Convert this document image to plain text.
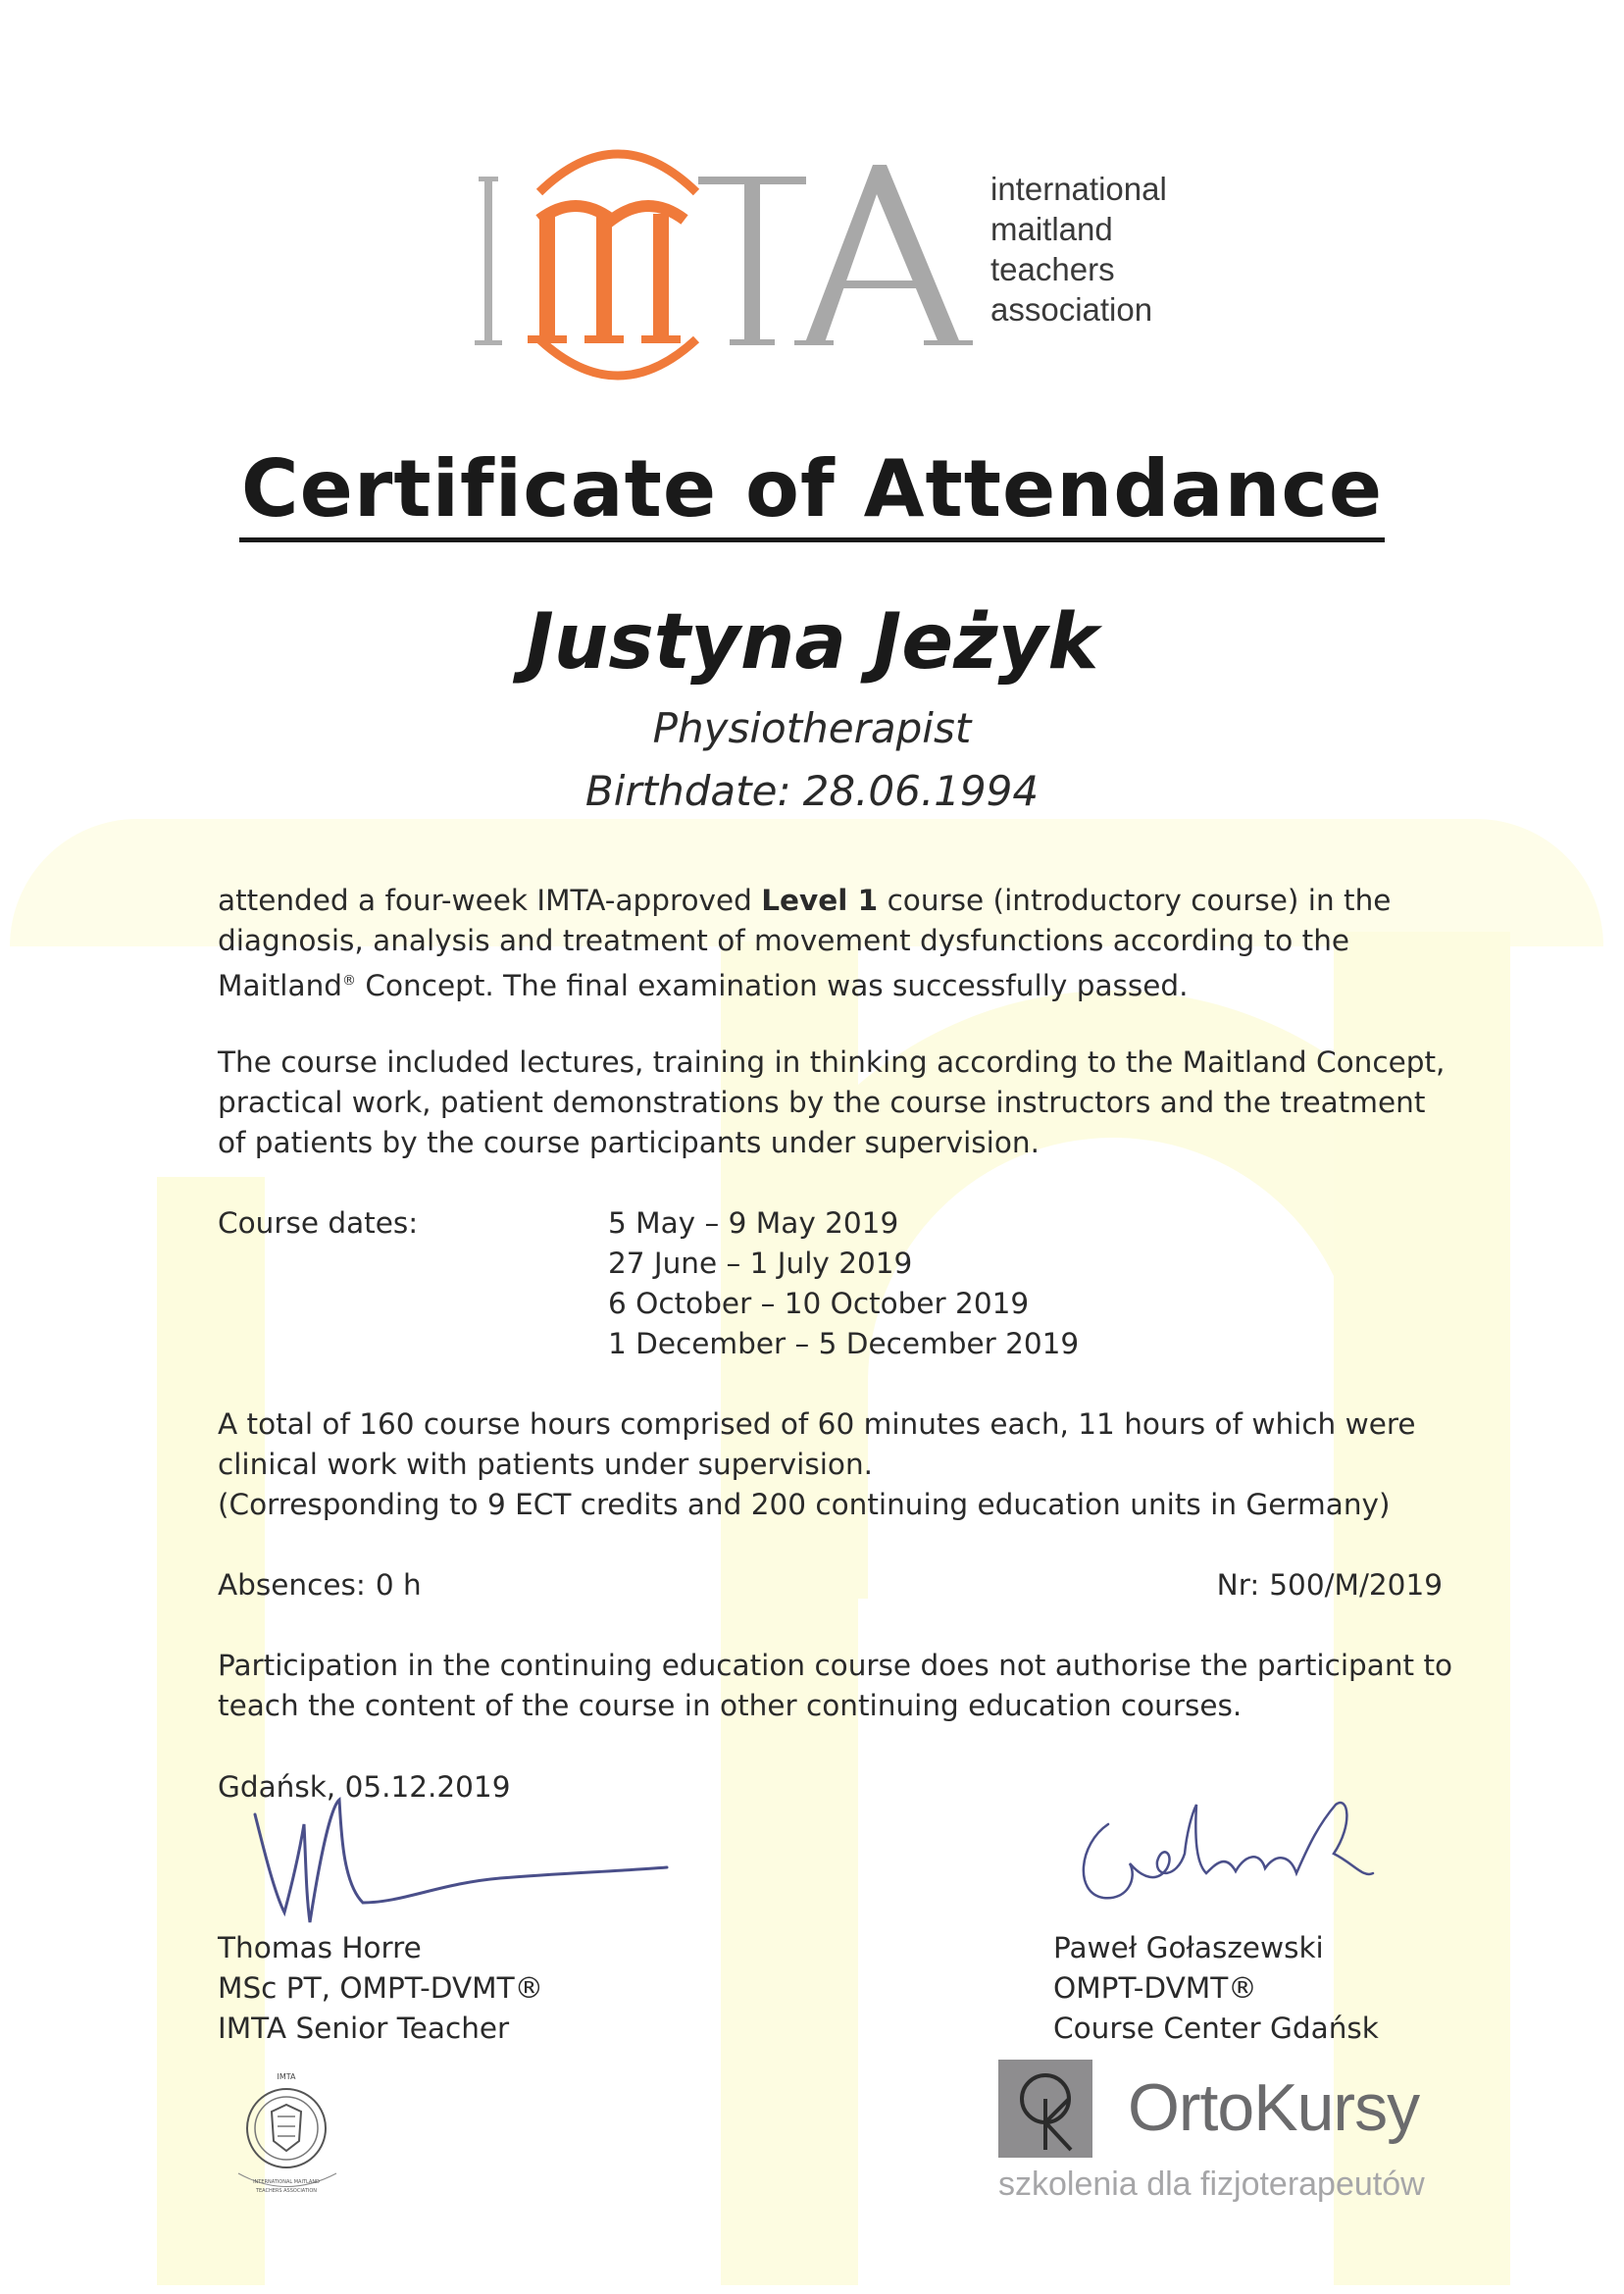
international
maitland
teachers
association
Certificate of Attendance
Justyna Jeżyk
Physiotherapist
Birthdate: 28.06.1994

attended a four-week IMTA-approved Level 1 course (introductory course) in the diagnosis, analysis and treatment of movement dysfunctions according to the Maitland® Concept. The final examination was successfully passed.

The course included lectures, training in thinking according to the Maitland Concept, practical work, patient demonstrations by the course instructors and the treatment of patients by the course participants under supervision.

Course dates:	5 May – 9 May 2019
27 June – 1 July 2019
6 October – 10 October 2019
1 December – 5 December 2019

A total of 160 course hours comprised of 60 minutes each, 11 hours of which were clinical work with patients under supervision.

(Corresponding to 9 ECT credits and 200 continuing education units in Germany)

Absences: 0 h	Nr: 500/M/2019

Participation in the continuing education course does not authorise the participant to teach the content of the course in other continuing education courses.

Gdańsk, 05.12.2019
Thomas Horre
MSc PT, OMPT-DVMT®
IMTA Senior Teacher
Paweł Gołaszewski
OMPT-DVMT®
Course Center Gdańsk
IMTA
INTERNATIONAL MAITLAND
TEACHERS ASSOCIATION
OrtoKursy
szkolenia dla fizjoterapeutów
